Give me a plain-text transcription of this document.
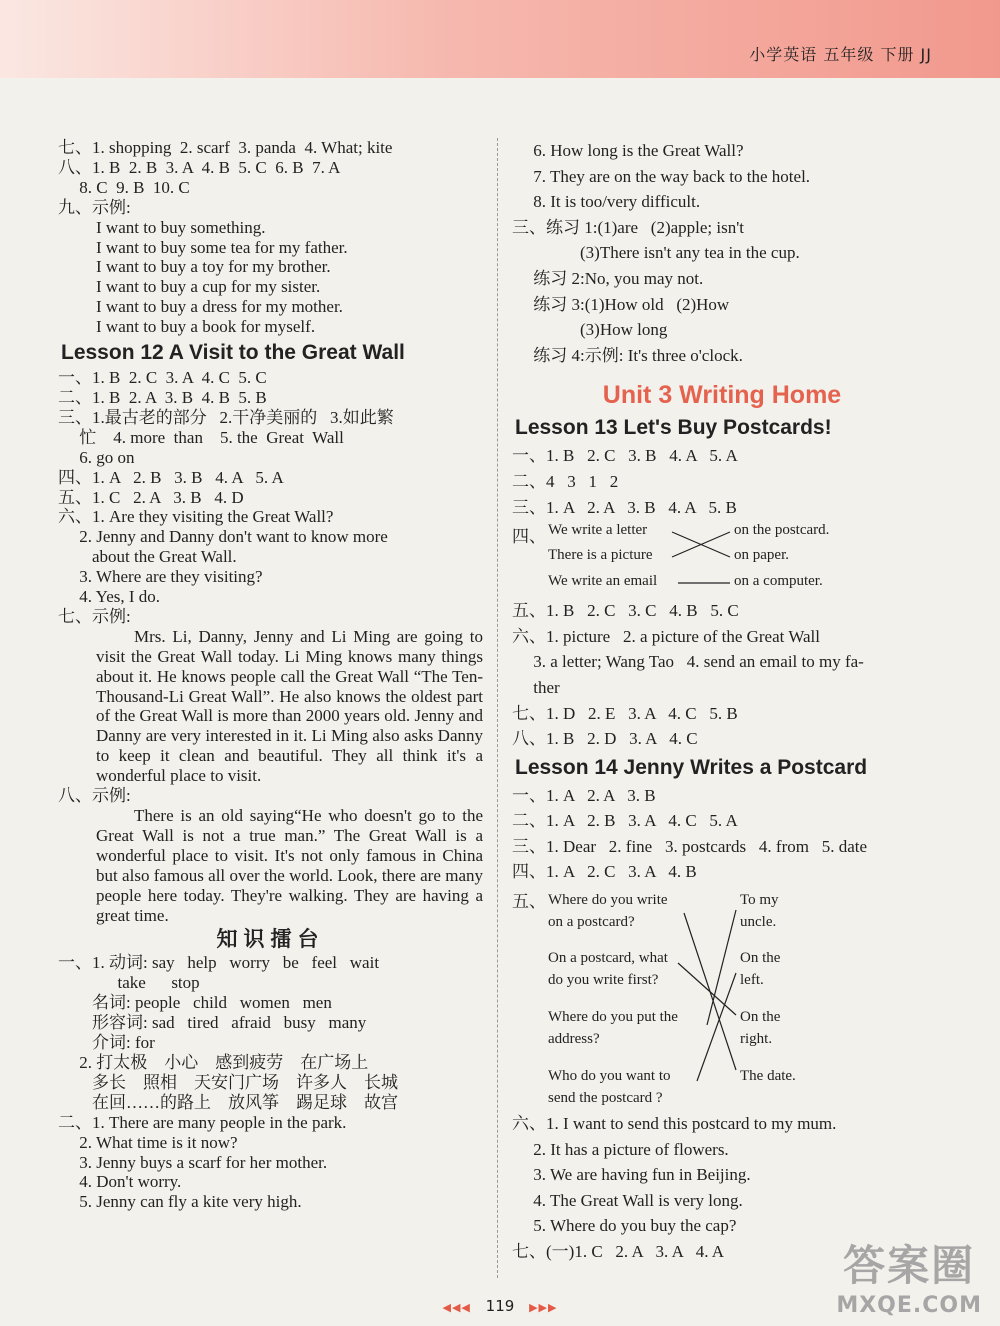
小学英语 五年级 下册 JJ
七、1. shopping  2. scarf  3. panda  4. What; kite
八、1. B  2. B  3. A  4. B  5. C  6. B  7. A
8. C  9. B  10. C
九、示例:
I want to buy something.
I want to buy some tea for my father.
I want to buy a toy for my brother.
I want to buy a cup for my sister.
I want to buy a dress for my mother.
I want to buy a book for myself.
Lesson 12 A Visit to the Great Wall
一、1. B  2. C  3. A  4. C  5. C
二、1. B  2. A  3. B  4. B  5. B
三、1.最古老的部分   2.干净美丽的   3.如此繁
忙    4. more  than    5. the  Great  Wall
6. go on
四、1. A   2. B   3. B   4. A   5. A
五、1. C   2. A   3. B   4. D
六、1. Are they visiting the Great Wall?
2. Jenny and Danny don't want to know more
about the Great Wall.
3. Where are they visiting?
4. Yes, I do.
七、示例:
Mrs. Li, Danny, Jenny and Li Ming are going to visit the Great Wall today. Li Ming knows many things about it. He knows people call the Great Wall “The Ten-Thousand-Li Great Wall”. He also knows the oldest part of the Great Wall is more than 2000 years old. Jenny and Danny are very interested in it. Li Ming also asks Danny to keep it clean and beautiful. They all think it's a wonderful place to visit.
八、示例:
There is an old saying“He who doesn't go to the Great Wall is not a true man.” The Great Wall is a wonderful place to visit. It's not only famous in China but also famous all over the world. Look, there are many people here today. They're walking. They are having a great time.
知识擂台
一、1. 动词: say   help   worry   be   feel   wait
take      stop
名词: people   child   women   men
形容词: sad   tired   afraid   busy   many
介词: for
2. 打太极    小心    感到疲劳    在广场上
多长    照相    天安门广场    许多人    长城
在回……的路上    放风筝    踢足球    故宫
二、1. There are many people in the park.
2. What time is it now?
3. Jenny buys a scarf for her mother.
4. Don't worry.
5. Jenny can fly a kite very high.
6. How long is the Great Wall?
7. They are on the way back to the hotel.
8. It is too/very difficult.
三、练习 1:(1)are   (2)apple; isn't
(3)There isn't any tea in the cup.
练习 2:No, you may not.
练习 3:(1)How old   (2)How
(3)How long
练习 4:示例: It's three o'clock.
Unit 3 Writing Home
Lesson 13 Let's Buy Postcards!
一、1. B   2. C   3. B   4. A   5. A
二、4   3   1   2
三、1. A   2. A   3. B   4. A   5. B
四、 We write a letter
There is a picture
We write an email
on the postcard.
on paper.
on a computer.
五、1. B   2. C   3. C   4. B   5. C
六、1. picture   2. a picture of the Great Wall
3. a letter; Wang Tao   4. send an email to my fa-
ther
七、1. D   2. E   3. A   4. C   5. B
八、1. B   2. D   3. A   4. C
Lesson 14 Jenny Writes a Postcard
一、1. A   2. A   3. B
二、1. A   2. B   3. A   4. C   5. A
三、1. Dear   2. fine   3. postcards   4. from   5. date
四、1. A   2. C   3. A   4. B
五、 Where do you write
on a postcard?
On a postcard, what
do you write first?
Where do you put the
address?
Who do you want to
send the postcard ?
To my
uncle.
On the
left.
On the
right.
The date.

六、1. I want to send this postcard to my mum.
2. It has a picture of flowers.
3. We are having fun in Beijing.
4. The Great Wall is very long.
5. Where do you buy the cap?
七、(一)1. C   2. A   3. A   4. A
◀◀◀ 119 ▶▶▶
答案圈
MXQE.COM
